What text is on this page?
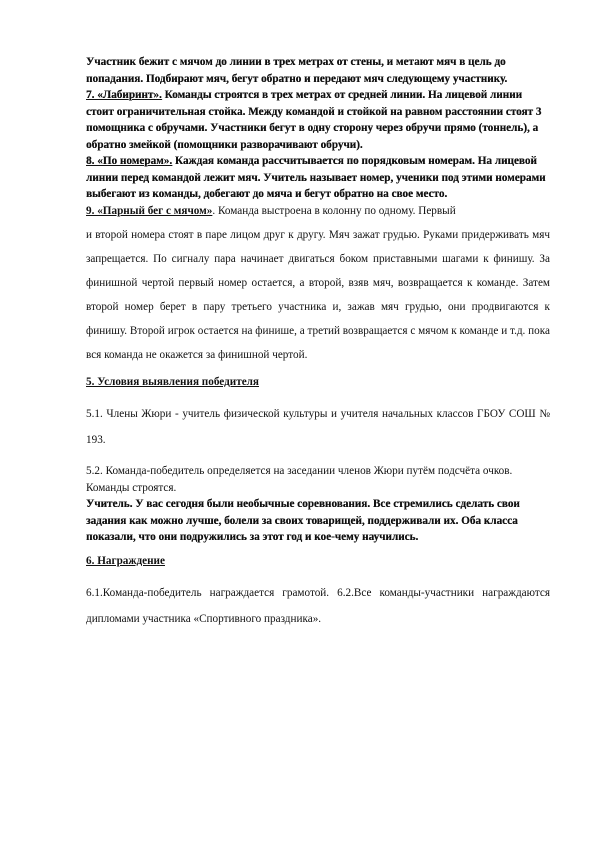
Участник бежит с мячом до линии в трех метрах от стены, и метают мяч в цель до попадания. Подбирают мяч, бегут обратно и передают мяч следующему участнику.

7. «Лабиринт». Команды строятся в трех метрах от средней линии. На лицевой линии стоит ограничительная стойка. Между командой и стойкой на равном расстоянии стоят 3 помощника с обручами. Участники бегут в одну сторону через обручи прямо (тоннель), а обратно змейкой (помощники разворачивают обручи).

8. «По номерам». Каждая команда рассчитывается по порядковым номерам. На лицевой линии перед командой лежит мяч. Учитель называет номер, ученики под этими номерами выбегают из команды, добегают до мяча и бегут обратно на свое место.

9. «Парный бег с мячом». Команда выстроена в колонну по одному. Первый

и второй номера стоят в паре лицом друг к другу. Мяч зажат грудью. Руками придерживать мяч запрещается. По сигналу пара начинает двигаться боком приставными шагами к финишу. За финишной чертой первый номер остается, а второй, взяв мяч, возвращается к команде. Затем второй номер берет в пару третьего участника и, зажав мяч грудью, они продвигаются к финишу. Второй игрок остается на финише, а третий возвращается с мячом к команде и т.д. пока вся команда не окажется за финишной чертой.

5. Условия выявления победителя

5.1. Члены Жюри - учитель физической культуры и учителя начальных классов ГБОУ СОШ № 193.

5.2. Команда-победитель определяется на заседании членов Жюри путём подсчёта очков.

Команды строятся.

Учитель. У вас сегодня были необычные соревнования. Все стремились сделать свои задания как можно лучше, болели за своих товарищей, поддерживали их. Оба класса показали, что они подружились за этот год и кое-чему научились.

6. Награждение

6.1.Команда-победитель награждается грамотой. 6.2.Все команды-участники награждаются дипломами участника «Спортивного праздника».
